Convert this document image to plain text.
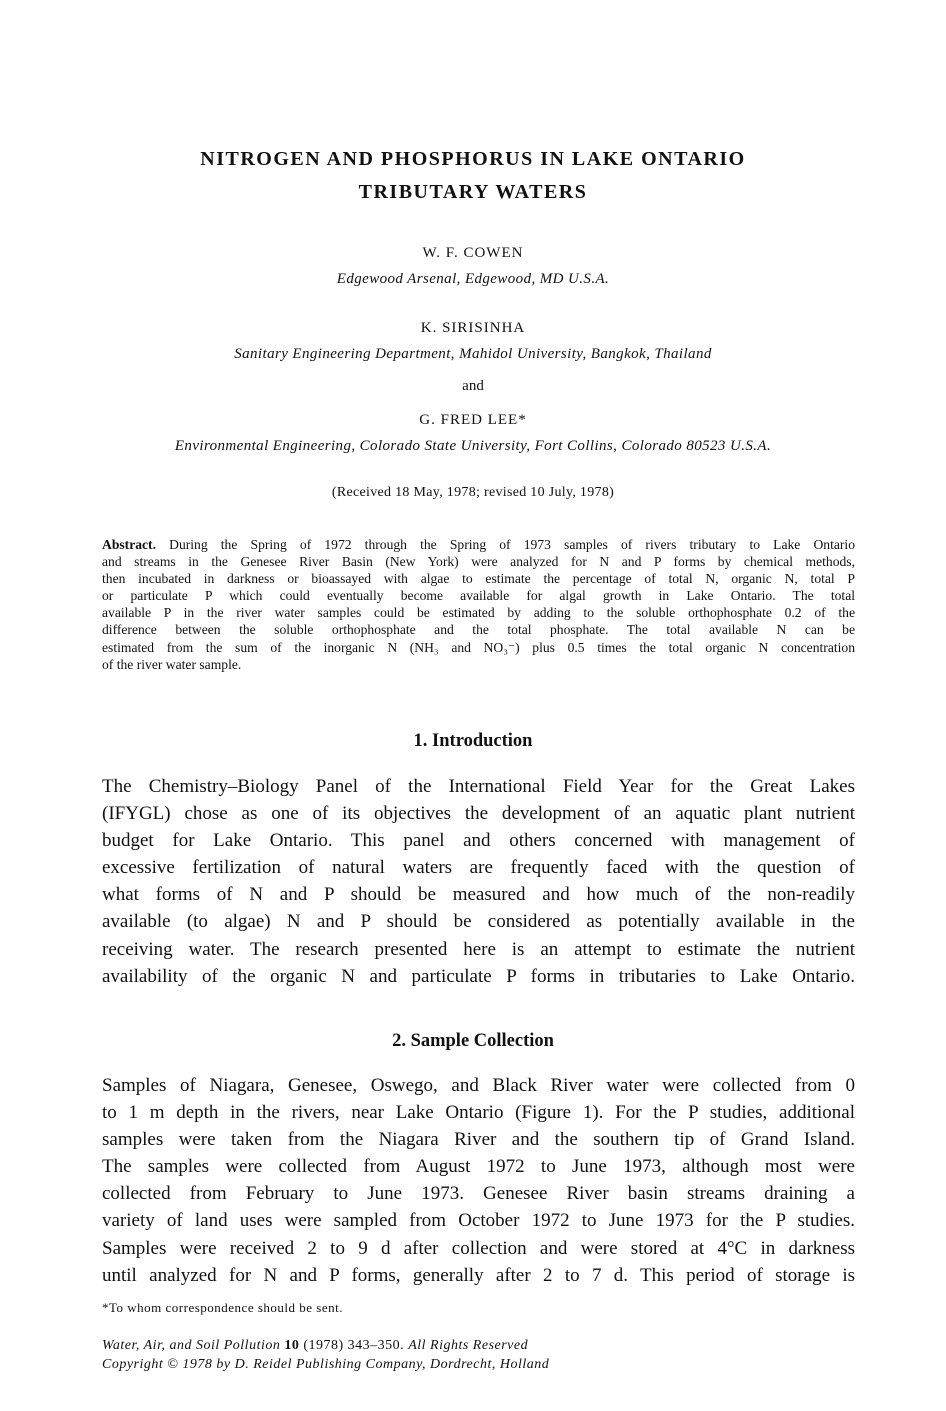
NITROGEN AND PHOSPHORUS IN LAKE ONTARIO
TRIBUTARY WATERS
W. F. COWEN
Edgewood Arsenal, Edgewood, MD U.S.A.
K. SIRISINHA
Sanitary Engineering Department, Mahidol University, Bangkok, Thailand
and
G. FRED LEE*
Environmental Engineering, Colorado State University, Fort Collins, Colorado 80523 U.S.A.
(Received 18 May, 1978; revised 10 July, 1978)
Abstract. During the Spring of 1972 through the Spring of 1973 samples of rivers tributary to Lake Ontario
and streams in the Genesee River Basin (New York) were analyzed for N and P forms by chemical methods,
then incubated in darkness or bioassayed with algae to estimate the percentage of total N, organic N, total P
or particulate P which could eventually become available for algal growth in Lake Ontario. The total
available P in the river water samples could be estimated by adding to the soluble orthophosphate 0.2 of the
difference between the soluble orthophosphate and the total phosphate. The total available N can be
estimated from the sum of the inorganic N (NH₃ and NO₃⁻) plus 0.5 times the total organic N concentration
of the river water sample.
1. Introduction
The Chemistry–Biology Panel of the International Field Year for the Great Lakes
(IFYGL) chose as one of its objectives the development of an aquatic plant nutrient
budget for Lake Ontario. This panel and others concerned with management of
excessive fertilization of natural waters are frequently faced with the question of
what forms of N and P should be measured and how much of the non-readily
available (to algae) N and P should be considered as potentially available in the
receiving water. The research presented here is an attempt to estimate the nutrient
availability of the organic N and particulate P forms in tributaries to Lake Ontario.
2. Sample Collection
Samples of Niagara, Genesee, Oswego, and Black River water were collected from 0
to 1 m depth in the rivers, near Lake Ontario (Figure 1). For the P studies, additional
samples were taken from the Niagara River and the southern tip of Grand Island.
The samples were collected from August 1972 to June 1973, although most were
collected from February to June 1973. Genesee River basin streams draining a
variety of land uses were sampled from October 1972 to June 1973 for the P studies.
Samples were received 2 to 9 d after collection and were stored at 4°C in darkness
until analyzed for N and P forms, generally after 2 to 7 d. This period of storage is
*To whom correspondence should be sent.
Water, Air, and Soil Pollution 10 (1978) 343–350. All Rights Reserved
Copyright © 1978 by D. Reidel Publishing Company, Dordrecht, Holland
